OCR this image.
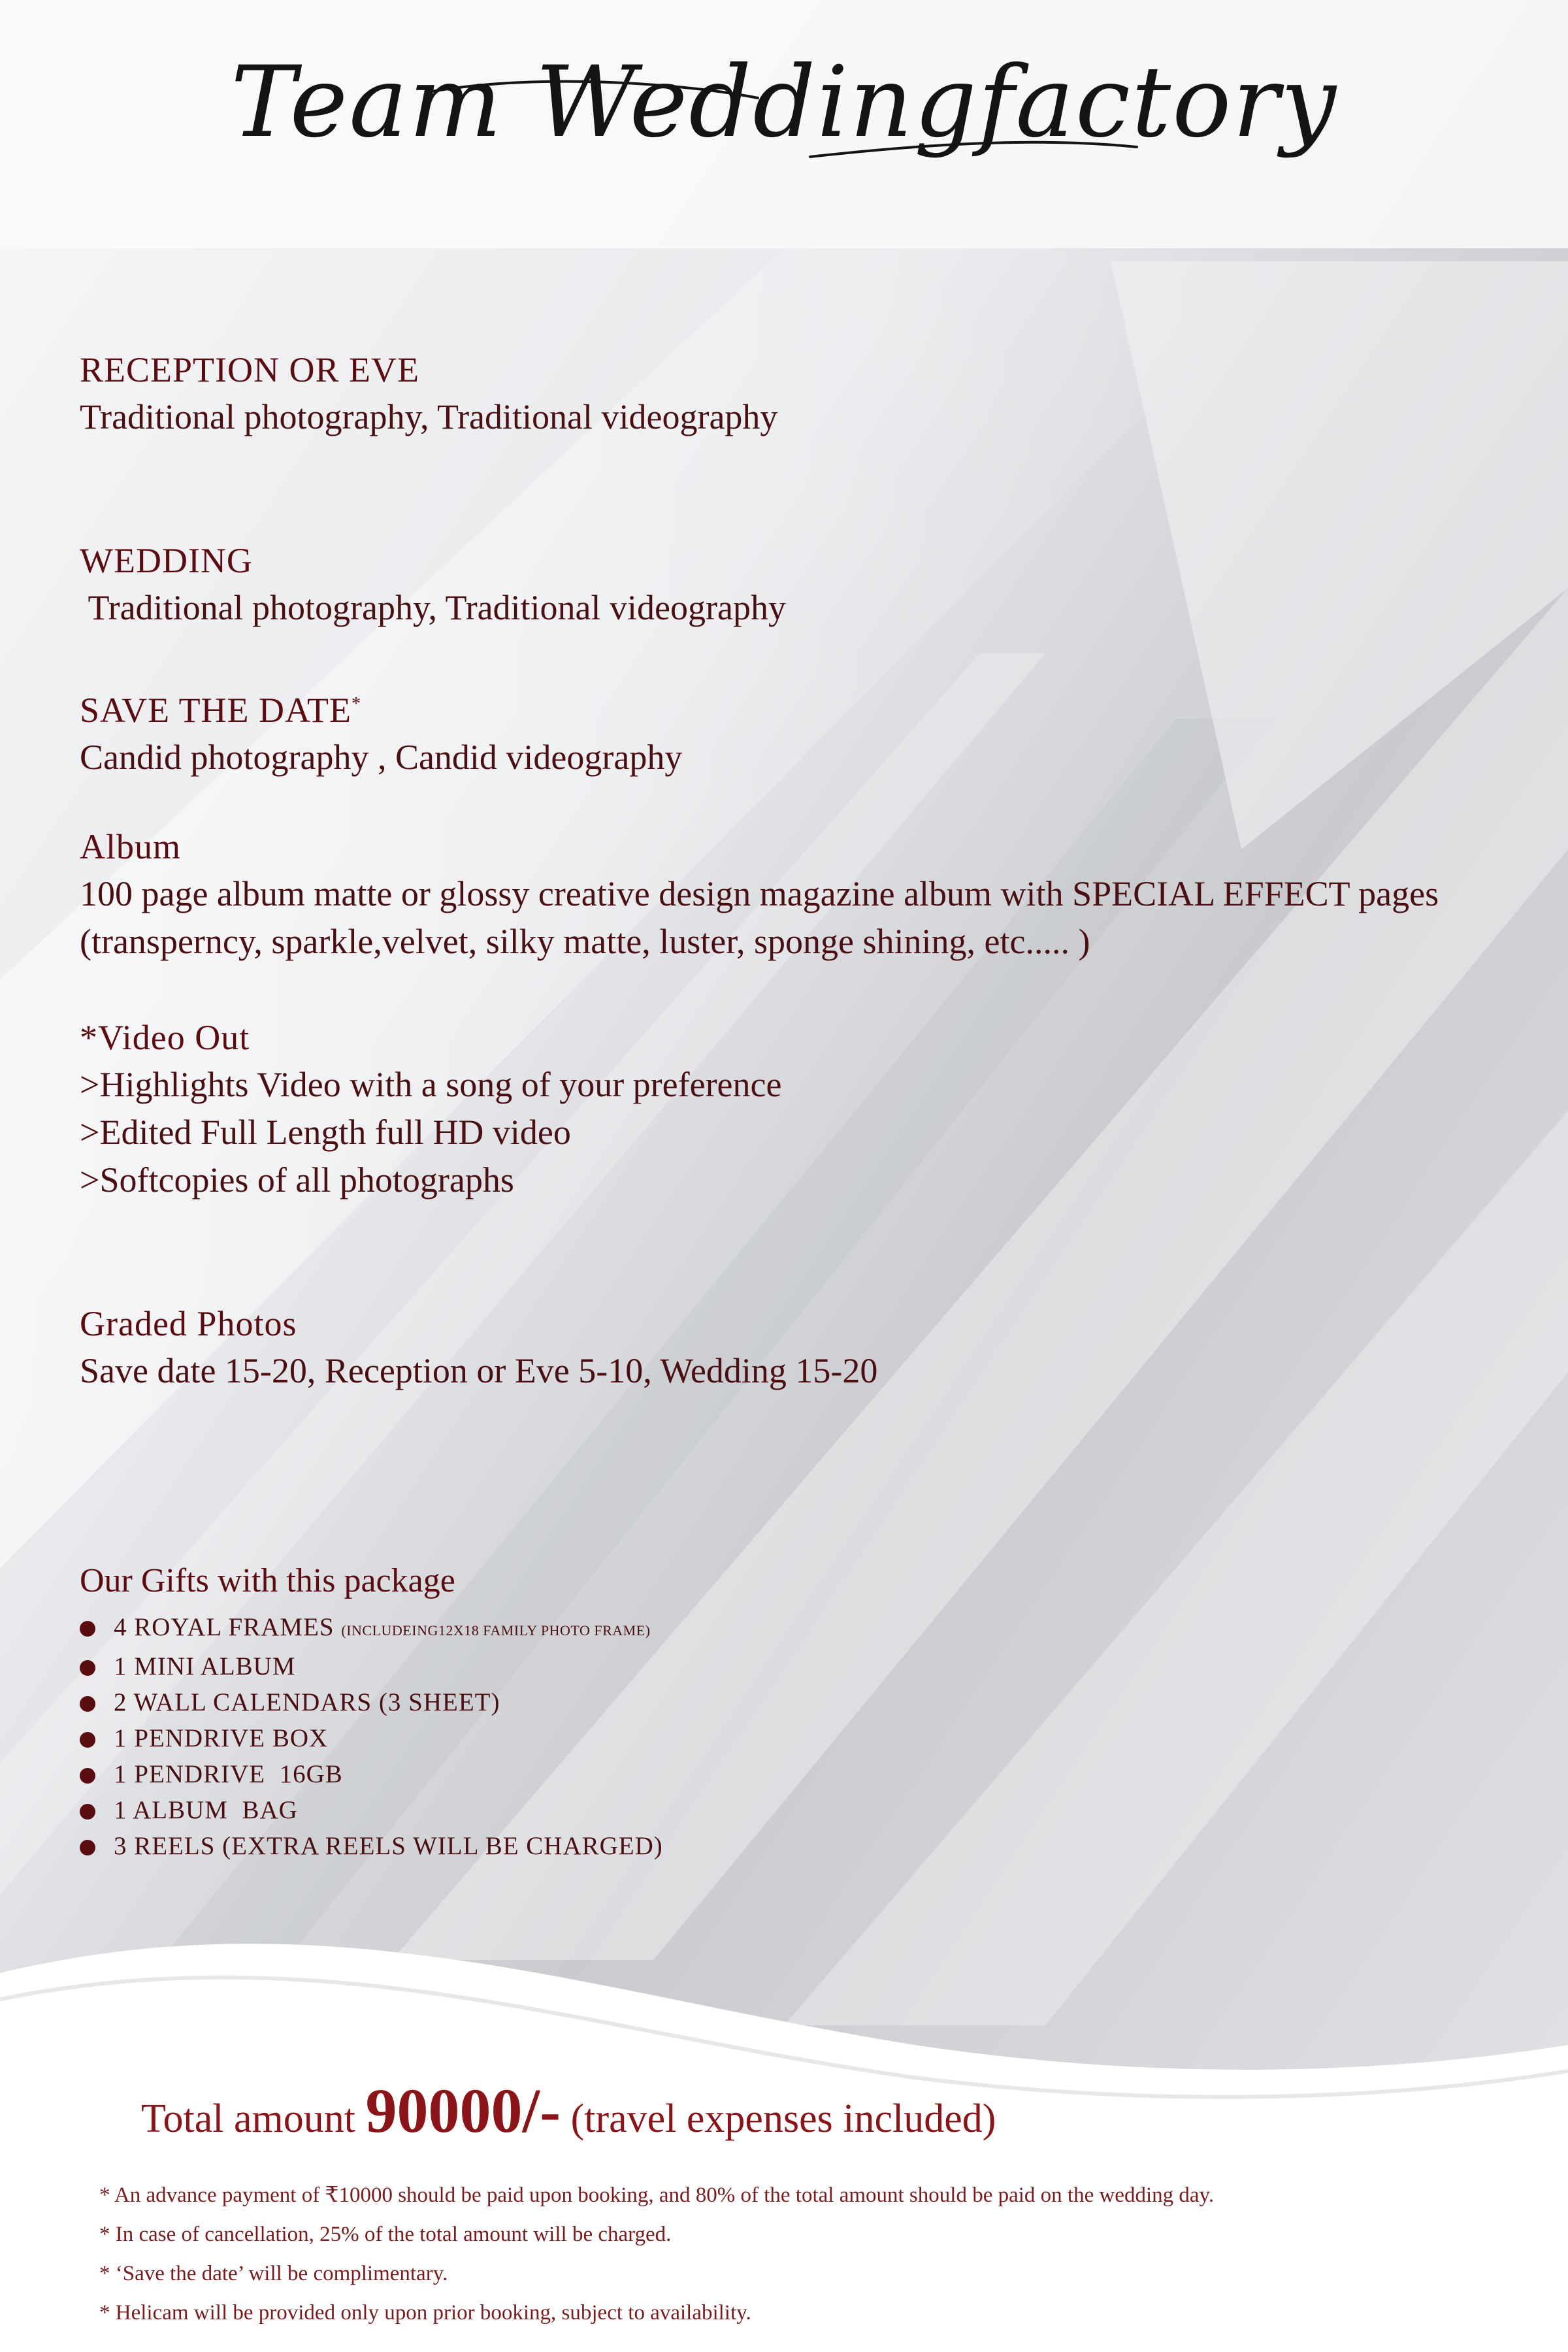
Team Weddingfactory
RECEPTION OR EVE
Traditional photography, Traditional videography
WEDDING
Traditional photography, Traditional videography
SAVE THE DATE*
Candid photography , Candid videography
Album
100 page album matte or glossy creative design magazine album with SPECIAL EFFECT pages
(transperncy, sparkle,velvet, silky matte, luster, sponge shining, etc..... )
*Video Out
>Highlights Video with a song of your preference
>Edited Full Length full HD video
>Softcopies of all photographs
Graded Photos
Save date 15-20, Reception or Eve 5-10, Wedding 15-20
Our Gifts with this package
4 ROYAL FRAMES (INCLUDEING12X18 FAMILY PHOTO FRAME)
1 MINI ALBUM
2 WALL CALENDARS (3 SHEET)
1 PENDRIVE BOX
1 PENDRIVE  16GB
1 ALBUM  BAG
3 REELS (EXTRA REELS WILL BE CHARGED)
Total amount 90000/- (travel expenses included)
* An advance payment of ₹10000 should be paid upon booking, and 80% of the total amount should be paid on the wedding day.
* In case of cancellation, 25% of the total amount will be charged.
* ‘Save the date’ will be complimentary.
* Helicam will be provided only upon prior booking, subject to availability.
